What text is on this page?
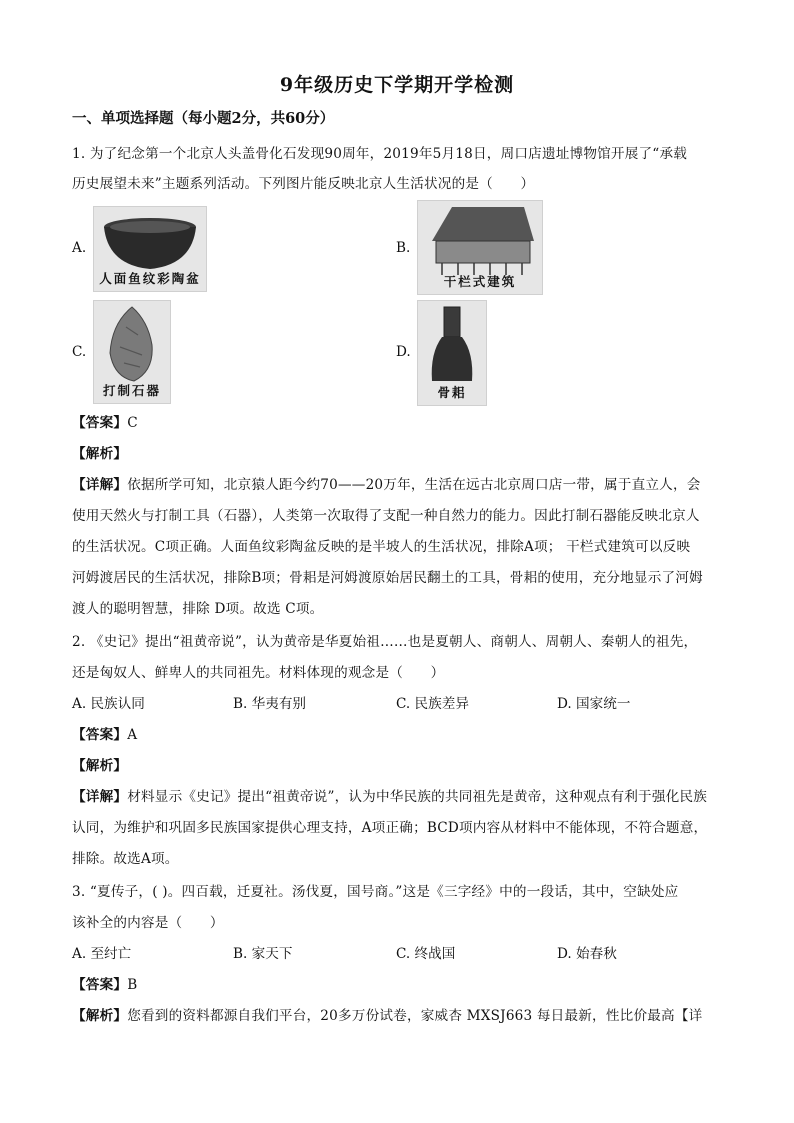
9年级历史下学期开学检测
一、单项选择题（每小题2分，共60分）
1. 为了纪念第一个北京人头盖骨化石发现90周年，2019年5月18日，周口店遗址博物馆开展了“承载
历史展望未来”主题系列活动。下列图片能反映北京人生活状况的是（　　）
A.
人面鱼纹彩陶盆
B.
干栏式建筑
C.
打制石器
D.
骨耜
【答案】C
【解析】
【详解】依据所学可知，北京猿人距今约70——20万年，生活在远古北京周口店一带，属于直立人，会
使用天然火与打制工具（石器），人类第一次取得了支配一种自然力的能力。因此打制石器能反映北京人
的生活状况。C项正确。人面鱼纹彩陶盆反映的是半坡人的生活状况，排除A项； 干栏式建筑可以反映
河姆渡居民的生活状况，排除B项；骨耜是河姆渡原始居民翻土的工具，骨耜的使用，充分地显示了河姆
渡人的聪明智慧，排除 D项。故选 C项。
2. 《史记》提出“祖黄帝说”，认为黄帝是华夏始祖……也是夏朝人、商朝人、周朝人、秦朝人的祖先，
还是匈奴人、鲜卑人的共同祖先。材料体现的观念是（　　）
A. 民族认同	B. 华夷有别	C. 民族差异	D. 国家统一
【答案】A
【解析】
【详解】材料显示《史记》提出“祖黄帝说”，认为中华民族的共同祖先是黄帝，这种观点有利于强化民族
认同，为维护和巩固多民族国家提供心理支持，A项正确；BCD项内容从材料中不能体现，不符合题意，
排除。故选A项。
3. “夏传子，( )。四百载，迁夏社。汤伐夏，国号商。”这是《三字经》中的一段话，其中，空缺处应
该补全的内容是（　　）
A. 至纣亡	B. 家天下	C. 终战国	D. 始春秋
【答案】B
【解析】您看到的资料都源自我们平台，20多万份试卷，家威杏 MXSJ663 每日最新，性比价最高【详
